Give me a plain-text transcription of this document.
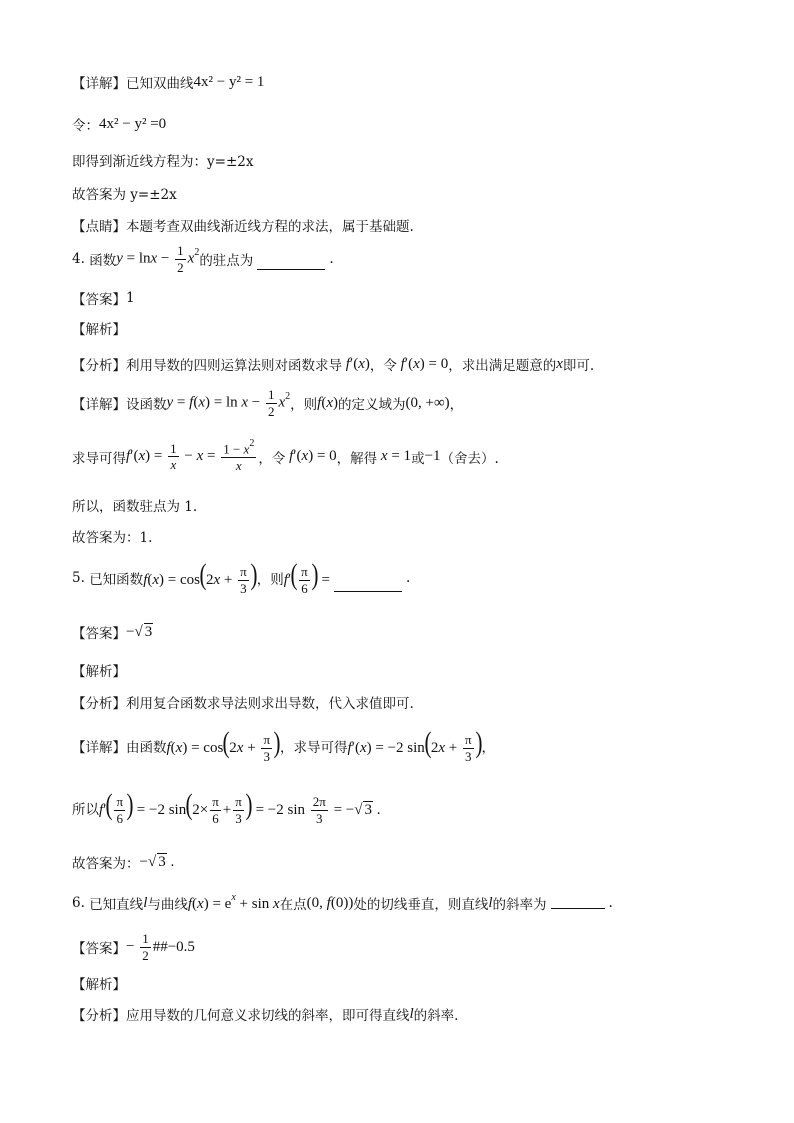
【详解】 已知双曲线 4x² − y² = 1
令： 4x² − y² =0
即得到渐近线方程为：y=±2x
故答案为 y=±2x
【点睛】 本题考查双曲线渐近线方程的求法，属于基础题.
4.
函数 $y = \ln x - \frac{1}{2} x^2$
的驻点为	.
【答案】 1
【解析】
【分析】 利用导数的四则运算法则对函数求导 f′(x) ，令 f′(x) = 0 ，求出满足题意的 x 即可.
【详解】 设函数 $y = f(x) = \ln x - \frac{1}{2} x^2$
，则 f(x) 的定义域为 (0, +∞) ，
求导可得 $f'(x) = \frac{1}{x} - x = \frac{1 - x^2}{x}$ ，令 f′(x) = 0 ，解得 x = 1 或 −1 （舍去）.
所以，函数驻点为 1.
故答案为：1.
5.
已知函数 $f(x) = \cos(2x + \frac{\pi}{3}$ ) ，则 $f'( \frac{\pi}{6}$ ) =	.
【答案】 −√ 3
【解析】
【分析】 利用复合函数求导法则求出导数，代入求值即可.
【详解】 由函数 $f(x) = \cos(2x + \frac{\pi}{3}$ ) ，求导可得 f′(x) = −2 $\sin(2x + \frac{\pi}{3}$ ) ，
所以 $f'( \frac{\pi}{6}$ ) = −2 $\sin(2\times \frac{\pi}{6} + \frac{\pi}{3}$ ) = −2 $\sin \frac{2\pi}{3}$ = −√ 3 .
故答案为： −√ 3 .
6.
已知直线 l 与曲线 $f(x) = e^x + \sin x$ 在点 (0, f(0)) 处的切线垂直，则直线 l 的斜率为	.
【答案】 − $\frac{1}{2}$ ##−0.5
【解析】
【分析】 应用导数的几何意义求切线的斜率，即可得直线 l 的斜率.
